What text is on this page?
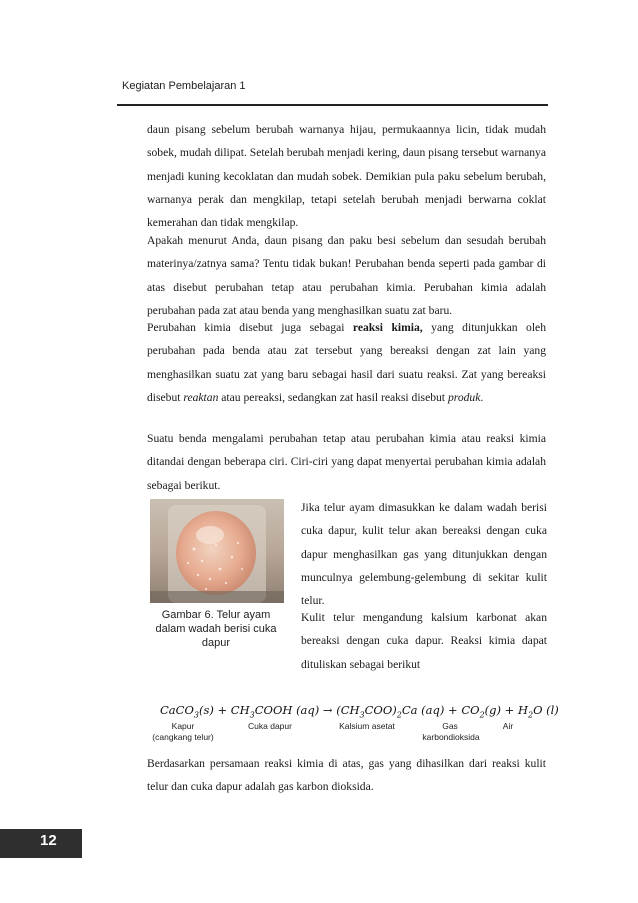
Kegiatan Pembelajaran 1

daun pisang sebelum berubah warnanya hijau, permukaannya licin, tidak mudah sobek, mudah dilipat. Setelah berubah menjadi kering, daun pisang tersebut warnanya menjadi kuning kecoklatan dan mudah sobek. Demikian pula paku sebelum berubah, warnanya perak dan mengkilap, tetapi setelah berubah menjadi berwarna coklat kemerahan dan tidak mengkilap.

Apakah menurut Anda, daun pisang dan paku besi sebelum dan sesudah berubah materinya/zatnya sama? Tentu tidak bukan! Perubahan benda seperti pada gambar di atas disebut perubahan tetap atau perubahan kimia. Perubahan kimia adalah perubahan pada zat atau benda yang menghasilkan suatu zat baru.

Perubahan kimia disebut juga sebagai reaksi kimia, yang ditunjukkan oleh perubahan pada benda atau zat tersebut yang bereaksi dengan zat lain yang menghasilkan suatu zat yang baru sebagai hasil dari suatu reaksi. Zat yang bereaksi disebut reaktan atau pereaksi, sedangkan zat hasil reaksi disebut produk.

Suatu benda mengalami perubahan tetap atau perubahan kimia atau reaksi kimia ditandai dengan beberapa ciri. Ciri-ciri yang dapat menyertai perubahan kimia adalah sebagai berikut.

Gambar 6. Telur ayam dalam wadah berisi cuka dapur

Jika telur ayam dimasukkan ke dalam wadah berisi cuka dapur, kulit telur akan bereaksi dengan cuka dapur menghasilkan gas yang ditunjukkan dengan munculnya gelembung-gelembung di sekitar kulit telur.

Kulit telur mengandung kalsium karbonat akan bereaksi dengan cuka dapur. Reaksi kimia dapat dituliskan sebagai berikut

CaCO$_3$(s) + $CH_3COOH$ $(aq) \to (CH_3COO)_2Ca$ $(aq) + CO_2(g) + H_2O$ (l)
Kapur
(cangkang telur)
Cuka dapur	Kalsium asetat	Gas
karbondioksida
Air

Berdasarkan persamaan reaksi kimia di atas, gas yang dihasilkan dari reaksi kulit telur dan cuka dapur adalah gas karbon dioksida.

12
